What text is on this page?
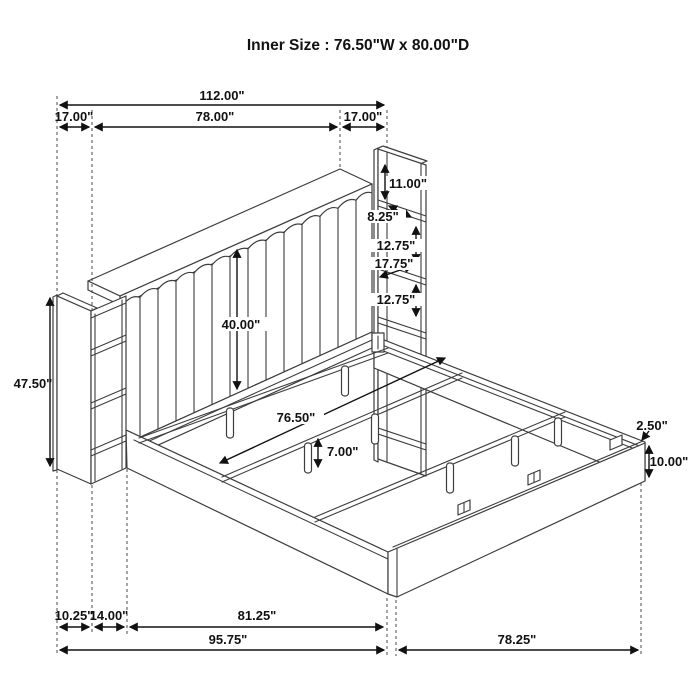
Inner Size : 76.50"W x 80.00"D
112.00"
17.00"	78.00"	17.00"
11.00"
8.25"
12.75"
17.75"
12.75"
40.00"
47.50"
76.50"
7.00"
2.50"
10.00"
10.25"
14.00"	81.25"
95.75"	78.25"
